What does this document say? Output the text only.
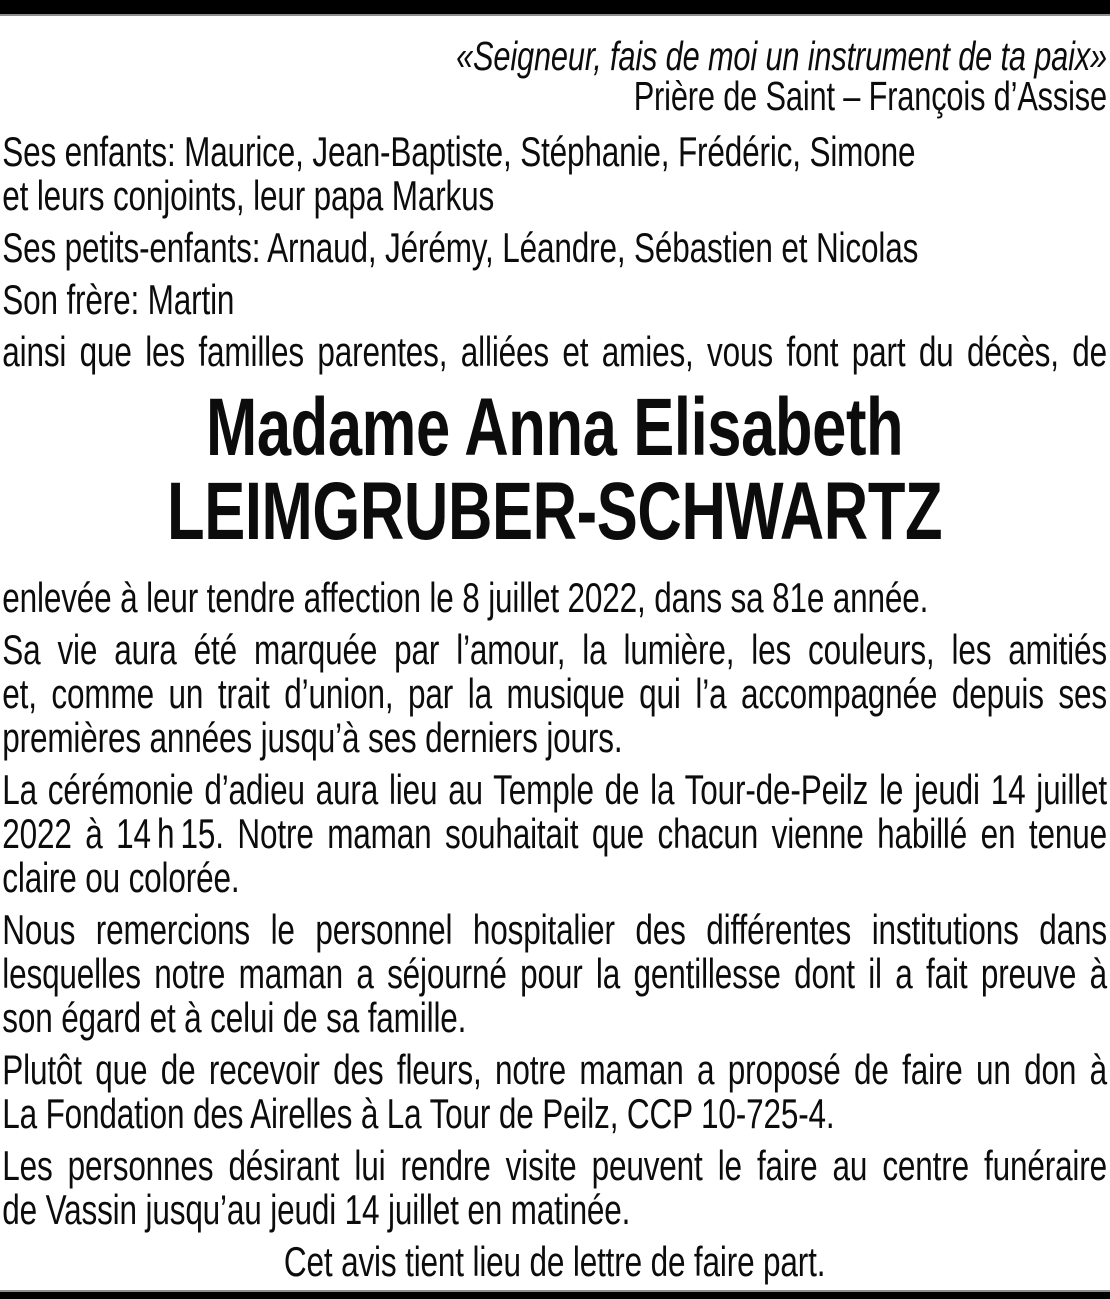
«Seigneur, fais de moi un instrument de ta paix»
Prière de Saint – François d’Assise

Ses enfants: Maurice, Jean-Baptiste, Stéphanie, Frédéric, Simone
et leurs conjoints, leur papa Markus

Ses petits-enfants: Arnaud, Jérémy, Léandre, Sébastien et Nicolas

Son frère: Martin

ainsi que les familles parentes, alliées et amies, vous font part du décès, de

Madame Anna Elisabeth
LEIMGRUBER-SCHWARTZ

enlevée à leur tendre affection le 8 juillet 2022, dans sa 81e année.

Sa vie aura été marquée par l’amour, la lumière, les couleurs, les amitiés
et, comme un trait d’union, par la musique qui l’a accompagnée depuis ses
premières années jusqu’à ses derniers jours.

La cérémonie d’adieu aura lieu au Temple de la Tour-de-Peilz le jeudi 14 juillet
2022 à 14 h 15. Notre maman souhaitait que chacun vienne habillé en tenue
claire ou colorée.

Nous remercions le personnel hospitalier des différentes institutions dans
lesquelles notre maman a séjourné pour la gentillesse dont il a fait preuve à
son égard et à celui de sa famille.

Plutôt que de recevoir des fleurs, notre maman a proposé de faire un don à
La Fondation des Airelles à La Tour de Peilz, CCP 10-725-4.

Les personnes désirant lui rendre visite peuvent le faire au centre funéraire
de Vassin jusqu’au jeudi 14 juillet en matinée.

Cet avis tient lieu de lettre de faire part.
